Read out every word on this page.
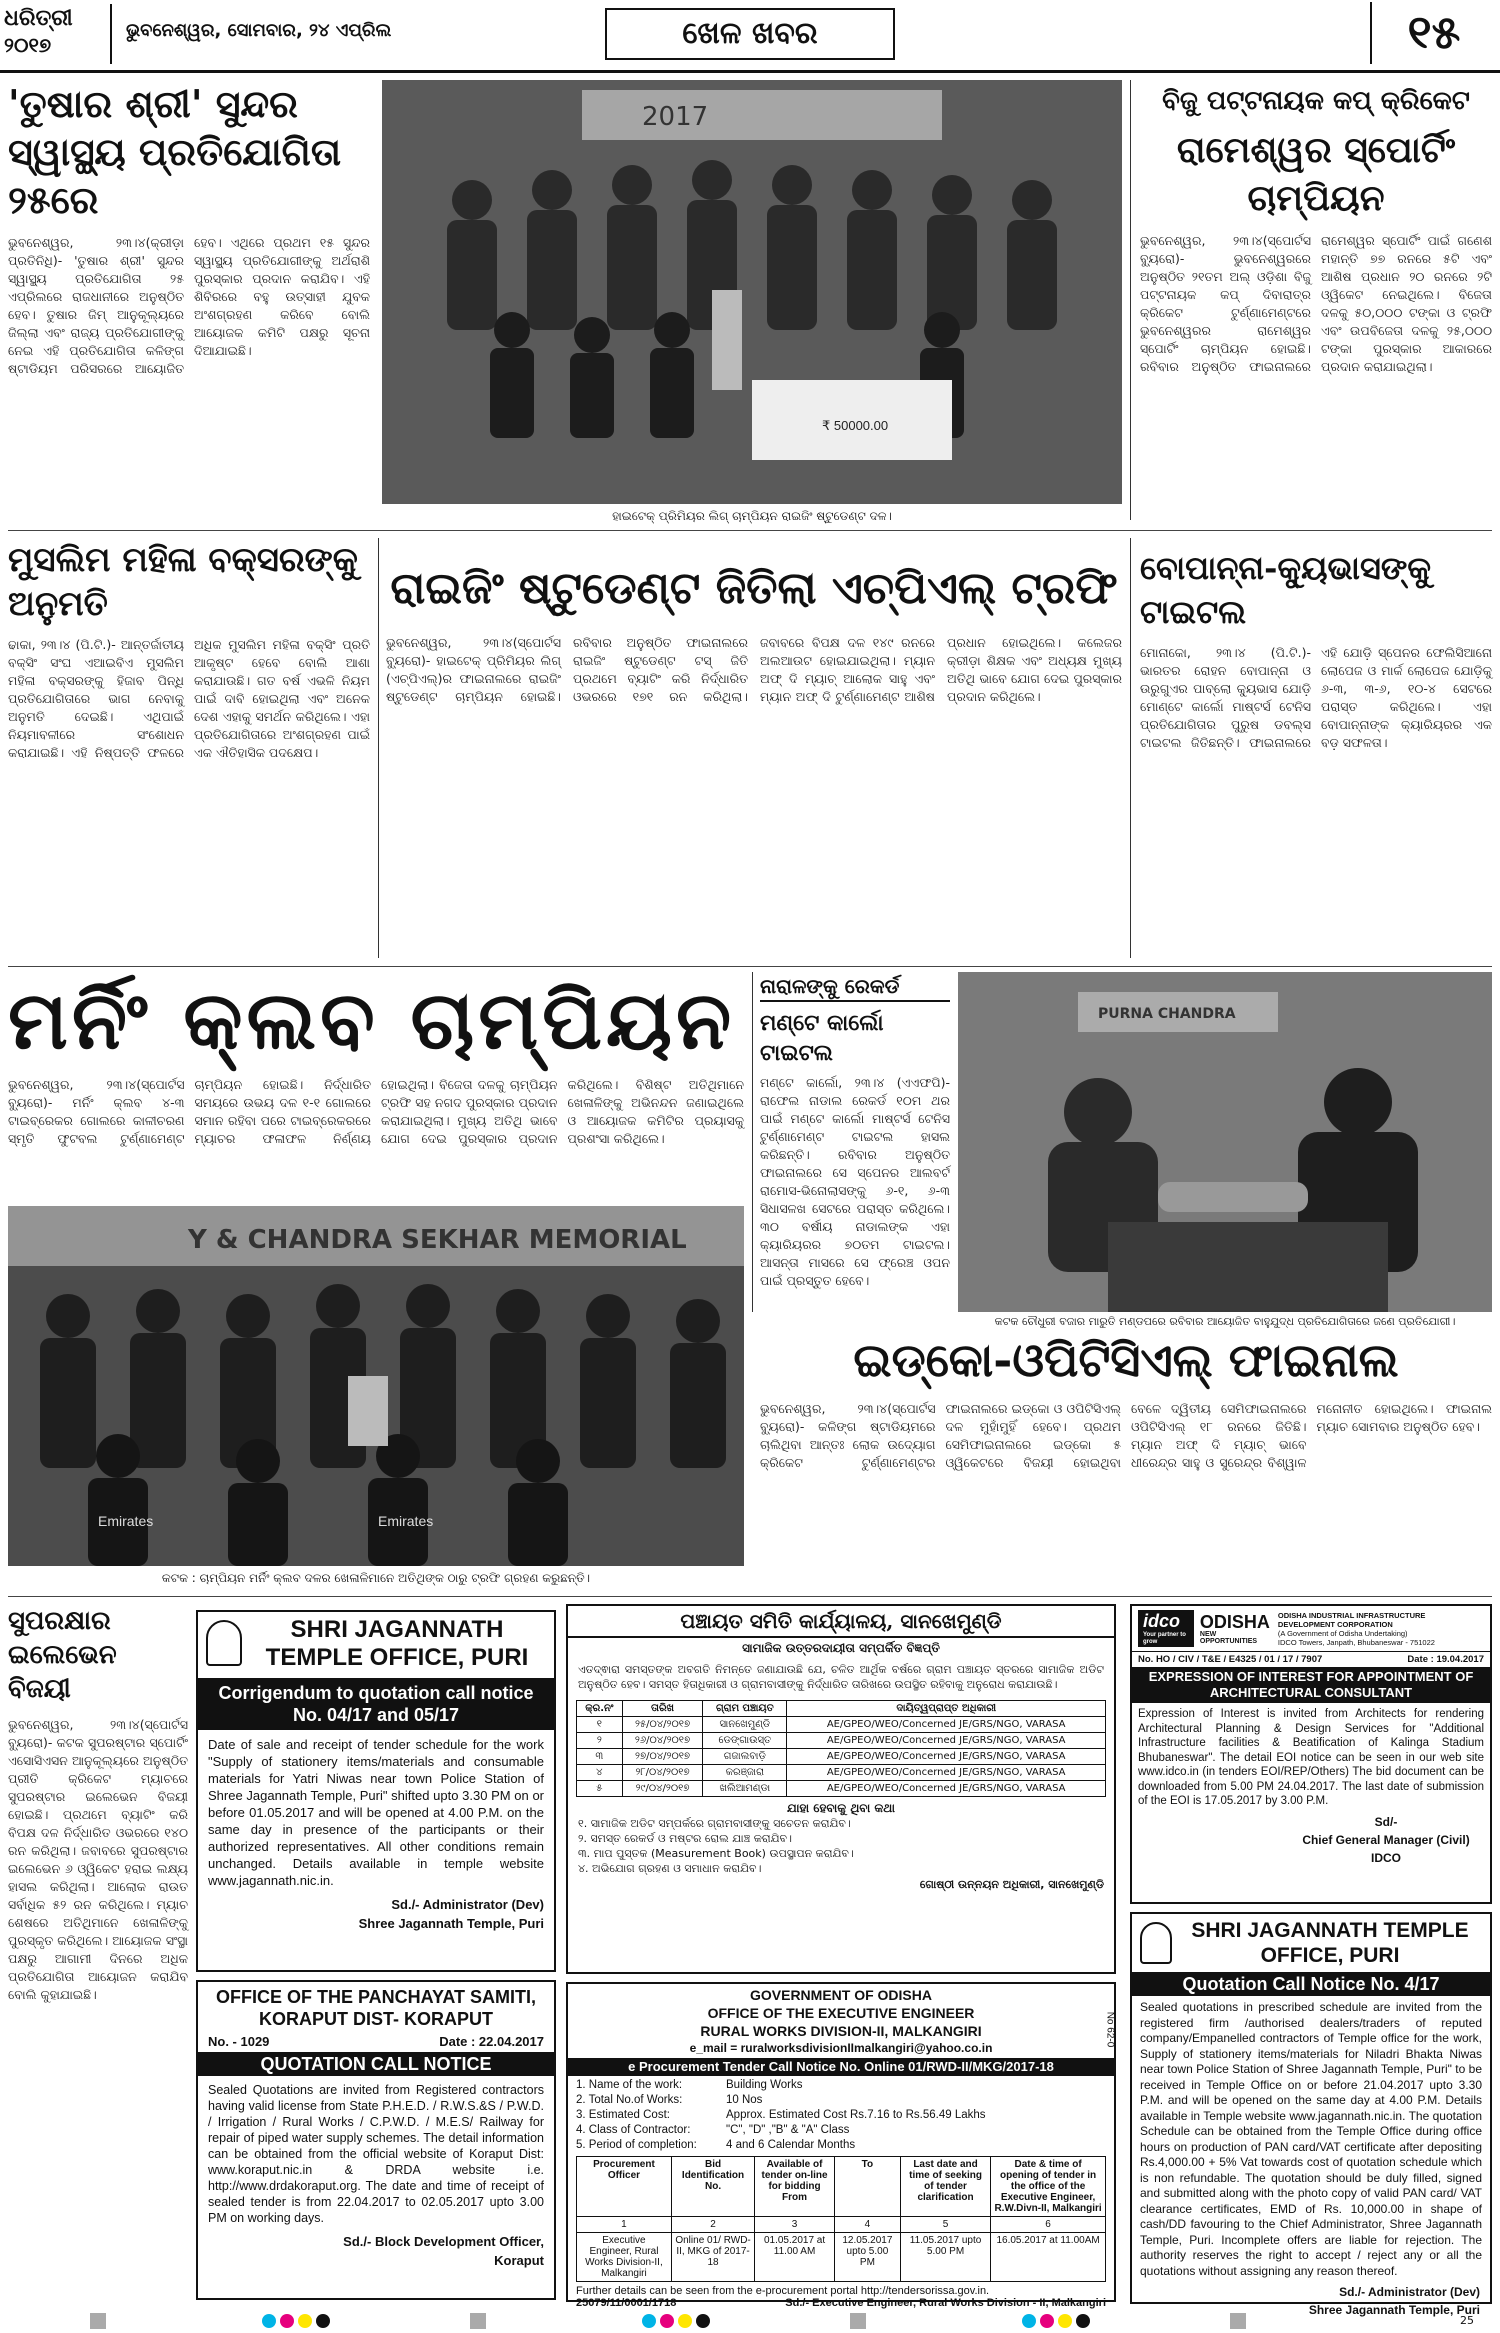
ଧରିତ୍ରୀ
୨୦୧୭
ଭୁବନେଶ୍ୱର, ସୋମବାର, ୨୪ ଏପ୍ରିଲ	ଖେଳ ଖବର	୧୫
'ତୁଷାର ଶ୍ରୀ' ସୁନ୍ଦର ସ୍ୱାସ୍ଥ୍ୟ ପ୍ରତିଯୋଗିତା ୨୫ରେ
ଭୁବନେଶ୍ୱର, ୨୩।୪(କ୍ରୀଡ଼ା ପ୍ରତିନିଧି)- 'ତୁଷାର ଶ୍ରୀ' ସୁନ୍ଦର ସ୍ୱାସ୍ଥ୍ୟ ପ୍ରତିଯୋଗିତା ୨୫ ଏପ୍ରିଲରେ ରାଜଧାନୀରେ ଅନୁଷ୍ଠିତ ହେବ। ତୁଷାର ଜିମ୍ ଆନୁକୂଲ୍ୟରେ ଜିଲ୍ଲା ଏବଂ ରାଜ୍ୟ ପ୍ରତିଯୋଗୀଙ୍କୁ ନେଇ ଏହି ପ୍ରତିଯୋଗିତା କଳିଙ୍ଗ ଷ୍ଟାଡିୟମ ପରିସରରେ ଆୟୋଜିତ ହେବ। ଏଥିରେ ପ୍ରଥମ ୧୫ ସୁନ୍ଦର ସ୍ୱାସ୍ଥ୍ୟ ପ୍ରତିଯୋଗୀଙ୍କୁ ଅର୍ଥରାଶି ପୁରସ୍କାର ପ୍ରଦାନ କରାଯିବ। ଏହି ଶିବିରରେ ବହୁ ଉତ୍ସାହୀ ଯୁବକ ଅଂଶଗ୍ରହଣ କରିବେ ବୋଲି ଆୟୋଜକ କମିଟି ପକ୍ଷରୁ ସୂଚନା ଦିଆଯାଇଛି।
2017
₹ 50000.00
ହାଇଟେକ୍ ପ୍ରିମିୟର ଲିଗ୍ ଚାମ୍ପିୟନ ରାଇଜିଂ ଷ୍ଟୁଡେଣ୍ଟ ଦଳ।
ବିଜୁ ପଟ୍ଟନାୟକ କପ୍ କ୍ରିକେଟ
ରାମେଶ୍ୱର ସ୍ପୋର୍ଟିଂ ଚାମ୍ପିୟନ
ଭୁବନେଶ୍ୱର, ୨୩।୪(ସ୍ପୋର୍ଟସ ବ୍ୟୁରୋ)- ଭୁବନେଶ୍ୱରରେ ଅନୁଷ୍ଠିତ ୨୧ତମ ଅଲ୍ ଓଡ଼ିଶା ବିଜୁ ପଟ୍ଟନାୟକ କପ୍ ଦିବାରାତ୍ର କ୍ରିକେଟ ଟୁର୍ଣ୍ଣାମେଣ୍ଟରେ ଭୁବନେଶ୍ୱରର ରାମେଶ୍ୱର ସ୍ପୋର୍ଟିଂ ଚାମ୍ପିୟନ ହୋଇଛି। ରବିବାର ଅନୁଷ୍ଠିତ ଫାଇନାଲରେ ରାମେଶ୍ୱର ସ୍ପୋର୍ଟିଂ ପାଇଁ ଗଣେଶ ମହାନ୍ତି ୭୭ ରନରେ ୫ଟି ଏବଂ ଆଶିଷ ପ୍ରଧାନ ୨୦ ରନରେ ୨ଟି ଓ୍ୱିକେଟ ନେଇଥିଲେ। ବିଜେତା ଦଳକୁ ୫୦,୦୦୦ ଟଙ୍କା ଓ ଟ୍ରଫି ଏବଂ ଉପବିଜେତା ଦଳକୁ ୨୫,୦୦୦ ଟଙ୍କା ପୁରସ୍କାର ଆକାରରେ ପ୍ରଦାନ କରାଯାଇଥିଲା।
ମୁସଲିମ ମହିଳା ବକ୍ସରଙ୍କୁ ଅନୁମତି
ଢାକା, ୨୩।୪ (ପି.ଟି.)- ଆନ୍ତର୍ଜାତୀୟ ବକ୍ସିଂ ସଂଘ ଏଆଇବିଏ ମୁସଲିମ ମହିଳା ବକ୍ସରଙ୍କୁ ହିଜାବ ପିନ୍ଧି ପ୍ରତିଯୋଗିତାରେ ଭାଗ ନେବାକୁ ଅନୁମତି ଦେଇଛି। ଏଥିପାଇଁ ନିୟମାବଳୀରେ ସଂଶୋଧନ କରାଯାଇଛି। ଏହି ନିଷ୍ପତ୍ତି ଫଳରେ ଅଧିକ ମୁସଲିମ ମହିଳା ବକ୍ସିଂ ପ୍ରତି ଆକୃଷ୍ଟ ହେବେ ବୋଲି ଆଶା କରାଯାଉଛି। ଗତ ବର୍ଷ ଏଭଳି ନିୟମ ପାଇଁ ଦାବି ହୋଇଥିଲା ଏବଂ ଅନେକ ଦେଶ ଏହାକୁ ସମର୍ଥନ କରିଥିଲେ। ଏହା ପ୍ରତିଯୋଗିତାରେ ଅଂଶଗ୍ରହଣ ପାଇଁ ଏକ ଐତିହାସିକ ପଦକ୍ଷେପ।
ରାଇଜିଂ ଷ୍ଟୁଡେଣ୍ଟ ଜିତିଲା ଏଚ୍‌ପିଏଲ୍ ଟ୍ରଫି
ଭୁବନେଶ୍ୱର, ୨୩।୪(ସ୍ପୋର୍ଟସ ବ୍ୟୁରୋ)- ହାଇଟେକ୍ ପ୍ରିମିୟର ଲିଗ୍ (ଏଚ୍‌ପିଏଲ୍)ର ଫାଇନାଲରେ ରାଇଜିଂ ଷ୍ଟୁଡେଣ୍ଟ ଚାମ୍ପିୟନ ହୋଇଛି। ରବିବାର ଅନୁଷ୍ଠିତ ଫାଇନାଲରେ ରାଇଜିଂ ଷ୍ଟୁଡେଣ୍ଟ ଟସ୍ ଜିତି ପ୍ରଥମେ ବ୍ୟାଟିଂ କରି ନିର୍ଦ୍ଧାରିତ ଓଭରରେ ୧୭୧ ରନ କରିଥିଲା। ଜବାବରେ ବିପକ୍ଷ ଦଳ ୧୪୯ ରନରେ ଅଲଆଉଟ ହୋଇଯାଇଥିଲା। ମ୍ୟାନ ଅଫ୍ ଦି ମ୍ୟାଚ୍ ଆଲୋକ ସାହୁ ଏବଂ ମ୍ୟାନ ଅଫ୍ ଦି ଟୁର୍ଣ୍ଣାମେଣ୍ଟ ଆଶିଷ ପ୍ରଧାନ ହୋଇଥିଲେ। କଲେଜର କ୍ରୀଡ଼ା ଶିକ୍ଷକ ଏବଂ ଅଧ୍ୟକ୍ଷ ମୁଖ୍ୟ ଅତିଥି ଭାବେ ଯୋଗ ଦେଇ ପୁରସ୍କାର ପ୍ରଦାନ କରିଥିଲେ।
ବୋପାନ୍ନା-କ୍ୟୁଭାସଙ୍କୁ ଟାଇଟଲ
ମୋନାକୋ, ୨୩।୪ (ପି.ଟି.)- ଭାରତର ରୋହନ ବୋପାନ୍ନା ଓ ଉରୁଗୁଏର ପାବ୍ଲୋ କ୍ୟୁଭାସ ଯୋଡ଼ି ମୋଣ୍ଟେ କାର୍ଲୋ ମାଷ୍ଟର୍ସ ଟେନିସ ପ୍ରତିଯୋଗିତାର ପୁରୁଷ ଡବଲ୍ସ ଟାଇଟଲ ଜିତିଛନ୍ତି। ଫାଇନାଲରେ ଏହି ଯୋଡ଼ି ସ୍ପେନର ଫେଲିସିଆନୋ ଲୋପେଜ ଓ ମାର୍କ ଲୋପେଜ ଯୋଡ଼ିକୁ ୬-୩, ୩-୬, ୧୦-୪ ସେଟରେ ପରାସ୍ତ କରିଥିଲେ। ଏହା ବୋପାନ୍ନାଙ୍କ କ୍ୟାରିୟରର ଏକ ବଡ଼ ସଫଳତା।
ମର୍ନିଂ କ୍ଲବ ଚାମ୍ପିୟନ
ଭୁବନେଶ୍ୱର, ୨୩।୪(ସ୍ପୋର୍ଟସ ବ୍ୟୁରୋ)- ମର୍ନିଂ କ୍ଲବ ୪-୩ ଟାଇବ୍ରେକର ଗୋଲରେ କାଳୀଚରଣ ସ୍ମୃତି ଫୁଟବଲ ଟୁର୍ଣ୍ଣାମେଣ୍ଟ ଚାମ୍ପିୟନ ହୋଇଛି। ନିର୍ଦ୍ଧାରିତ ସମୟରେ ଉଭୟ ଦଳ ୧-୧ ଗୋଲରେ ସମାନ ରହିବା ପରେ ଟାଇବ୍ରେକରରେ ମ୍ୟାଚର ଫଳାଫଳ ନିର୍ଣ୍ଣୟ ହୋଇଥିଲା। ବିଜେତା ଦଳକୁ ଚାମ୍ପିୟନ ଟ୍ରଫି ସହ ନଗଦ ପୁରସ୍କାର ପ୍ରଦାନ କରାଯାଇଥିଲା। ମୁଖ୍ୟ ଅତିଥି ଭାବେ ଯୋଗ ଦେଇ ପୁରସ୍କାର ପ୍ରଦାନ କରିଥିଲେ। ବିଶିଷ୍ଟ ଅତିଥିମାନେ ଖେଳାଳିଙ୍କୁ ଅଭିନନ୍ଦନ ଜଣାଇଥିଲେ ଓ ଆୟୋଜକ କମିଟିର ପ୍ରୟାସକୁ ପ୍ରଶଂସା କରିଥିଲେ।
Y & CHANDRA SEKHAR MEMORIAL
Emirates	Emirates
କଟକ : ଚାମ୍ପିୟନ ମର୍ନିଂ କ୍ଲବ ଦଳର ଖେଳାଳିମାନେ ଅତିଥିଙ୍କ ଠାରୁ ଟ୍ରଫି ଗ୍ରହଣ କରୁଛନ୍ତି।
ନାରାଳଙ୍କୁ ରେକର୍ଡ
ମଣ୍ଟେ କାର୍ଲୋ ଟାଇଟଲ
ମଣ୍ଟେ କାର୍ଲୋ, ୨୩।୪ (ଏଏଫପି)- ରାଫେଲ ନାଡାଲ ରେକର୍ଡ ୧୦ମ ଥର ପାଇଁ ମଣ୍ଟେ କାର୍ଲୋ ମାଷ୍ଟର୍ସ ଟେନିସ ଟୁର୍ଣ୍ଣାମେଣ୍ଟ ଟାଇଟଲ ହାସଲ କରିଛନ୍ତି। ରବିବାର ଅନୁଷ୍ଠିତ ଫାଇନାଲରେ ସେ ସ୍ପେନର ଆଲବର୍ଟ ରାମୋସ-ଭିନୋଲାସଙ୍କୁ ୬-୧, ୬-୩ ସିଧାସଳଖ ସେଟରେ ପରାସ୍ତ କରିଥିଲେ। ୩୦ ବର୍ଷୀୟ ନାଡାଲଙ୍କ ଏହା କ୍ୟାରିୟରର ୭୦ତମ ଟାଇଟଲ। ଆସନ୍ତା ମାସରେ ସେ ଫ୍ରେଞ୍ଚ ଓପନ ପାଇଁ ପ୍ରସ୍ତୁତ ହେବେ।
PURNA CHANDRA
କଟକ ଚୌଧୁରୀ ବଜାର ମାରୁତି ମଣ୍ଡପରେ ରବିବାର ଆୟୋଜିତ ବାହୁଯୁଦ୍ଧ ପ୍ରତିଯୋଗିତାରେ ଜଣେ ପ୍ରତିଯୋଗୀ।
ଇଡ୍‌କୋ-ଓପିଟିସିଏଲ୍ ଫାଇନାଲ
ଭୁବନେଶ୍ୱର, ୨୩।୪(ସ୍ପୋର୍ଟସ ବ୍ୟୁରୋ)- କଳିଙ୍ଗ ଷ୍ଟାଡିୟମରେ ଚାଲିଥିବା ଆନ୍ତଃ ଲୋକ ଉଦ୍ୟୋଗ କ୍ରିକେଟ ଟୁର୍ଣ୍ଣାମେଣ୍ଟର ଫାଇନାଲରେ ଇଡ୍‌କୋ ଓ ଓପିଟିସିଏଲ୍ ଦଳ ମୁହାଁମୁହିଁ ହେବେ। ପ୍ରଥମ ସେମିଫାଇନାଲରେ ଇଡ୍‌କୋ ୫ ଓ୍ୱିକେଟରେ ବିଜୟୀ ହୋଇଥିବା ବେଳେ ଦ୍ୱିତୀୟ ସେମିଫାଇନାଲରେ ଓପିଟିସିଏଲ୍ ୧୮ ରନରେ ଜିତିଛି। ମ୍ୟାନ ଅଫ୍ ଦି ମ୍ୟାଚ୍ ଭାବେ ଧୀରେନ୍ଦ୍ର ସାହୁ ଓ ସୁରେନ୍ଦ୍ର ବିଶ୍ୱାଳ ମନୋନୀତ ହୋଇଥିଲେ। ଫାଇନାଲ ମ୍ୟାଚ ସୋମବାର ଅନୁଷ୍ଠିତ ହେବ।
ସୁପରକ୍ଷାର ଇଲେଭେନ ବିଜୟୀ
ଭୁବନେଶ୍ୱର, ୨୩।୪(ସ୍ପୋର୍ଟସ ବ୍ୟୁରୋ)- କଟକ ସୁପରଷ୍ଟାର ସ୍ପୋର୍ଟିଂ ଏସୋସିଏସନ ଆନୁକୂଲ୍ୟରେ ଅନୁଷ୍ଠିତ ପ୍ରୀତି କ୍ରିକେଟ ମ୍ୟାଚରେ ସୁପରଷ୍ଟାର ଇଲେଭେନ ବିଜୟୀ ହୋଇଛି। ପ୍ରଥମେ ବ୍ୟାଟିଂ କରି ବିପକ୍ଷ ଦଳ ନିର୍ଦ୍ଧାରିତ ଓଭରରେ ୧୪୦ ରନ କରିଥିଲା। ଜବାବରେ ସୁପରଷ୍ଟାର ଇଲେଭେନ ୬ ଓ୍ୱିକେଟ ହରାଇ ଲକ୍ଷ୍ୟ ହାସଲ କରିଥିଲା। ଆଲୋକ ରାଉତ ସର୍ବାଧିକ ୫୨ ରନ କରିଥିଲେ। ମ୍ୟାଚ ଶେଷରେ ଅତିଥିମାନେ ଖେଳାଳିଙ୍କୁ ପୁରସ୍କୃତ କରିଥିଲେ। ଆୟୋଜକ ସଂସ୍ଥା ପକ୍ଷରୁ ଆଗାମୀ ଦିନରେ ଅଧିକ ପ୍ରତିଯୋଗିତା ଆୟୋଜନ କରାଯିବ ବୋଲି କୁହାଯାଇଛି।
SHRI JAGANNATH TEMPLE OFFICE, PURI
Corrigendum to quotation call notice No. 04/17 and 05/17
Date of sale and receipt of tender schedule for the work "Supply of stationery items/materials and consumable materials for Yatri Niwas near town Police Station of Shree Jagannath Temple, Puri" shifted upto 3.30 PM on or before 01.05.2017 and will be opened at 4.00 P.M. on the same day in presence of the participants or their authorized representatives. All other conditions remain unchanged. Details available in temple website www.jagannath.nic.in.
Sd./- Administrator (Dev)
Shree Jagannath Temple, Puri
OFFICE OF THE PANCHAYAT SAMITI, KORAPUT DIST- KORAPUT
No. - 1029	Date : 22.04.2017
QUOTATION CALL NOTICE
Sealed Quotations are invited from Registered contractors having valid license from State P.H.E.D. / R.W.S.&S / P.W.D. / Irrigation / Rural Works / C.P.W.D. / M.E.S/ Railway for repair of piped water supply schemes. The detail information can be obtained from the official website of Koraput Dist: www.koraput.nic.in & DRDA website i.e. http://www.drdakoraput.org. The date and time of receipt of sealed tender is from 22.04.2017 to 02.05.2017 upto 3.00 PM on working days.
Sd./- Block Development Officer,
Koraput
ପଞ୍ଚାୟତ ସମିତି କାର୍ଯ୍ୟାଳୟ, ସାନଖେମୁଣ୍ଡି
ସାମାଜିକ ଉତ୍ତରଦାୟୀତା ସମ୍ପର୍କିତ ବିଜ୍ଞପ୍ତି
ଏତଦ୍ଵାରା ସମସ୍ତଙ୍କ ଅବଗତି ନିମନ୍ତେ ଜଣାଯାଉଛି ଯେ, ଚଳିତ ଆର୍ଥିକ ବର୍ଷରେ ଗ୍ରାମ ପଞ୍ଚାୟତ ସ୍ତରରେ ସାମାଜିକ ଅଡିଟ ଅନୁଷ୍ଠିତ ହେବ। ସମସ୍ତ ହିତାଧିକାରୀ ଓ ଗ୍ରାମବାସୀଙ୍କୁ ନିର୍ଦ୍ଧାରିତ ତାରିଖରେ ଉପସ୍ଥିତ ରହିବାକୁ ଅନୁରୋଧ କରାଯାଉଛି।
କ୍ର.ନଂ	ତାରିଖ	ଗ୍ରାମ ପଞ୍ଚାୟତ	ଦାୟିତ୍ୱପ୍ରାପ୍ତ ଅଧିକାରୀ
୧	୨୫/୦୪/୨୦୧୭	ସାନଖେମୁଣ୍ଡି	AE/GPEO/WEO/Concerned JE/GRS/NGO, VARASA
୨	୨୬/୦୪/୨୦୧୭	ଡେଙ୍ଗାଉସ୍ତ	AE/GPEO/WEO/Concerned JE/GRS/NGO, VARASA
୩	୨୭/୦୪/୨୦୧୭	ଗଜାଲବାଡ଼ି	AE/GPEO/WEO/Concerned JE/GRS/NGO, VARASA
୪	୨୮/୦୪/୨୦୧୭	କରଞ୍ଜାରା	AE/GPEO/WEO/Concerned JE/GRS/NGO, VARASA
୫	୨୯/୦୪/୨୦୧୭	ଖଲିଆମଣ୍ଡା	AE/GPEO/WEO/Concerned JE/GRS/NGO, VARASA
ଯାହା ହେବାକୁ ଥିବା କଥା
୧. ସାମାଜିକ ଅଡିଟ ସମ୍ପର୍କରେ ଗ୍ରାମବାସୀଙ୍କୁ ସଚେତନ କରାଯିବ।
୨. ସମସ୍ତ ରେକର୍ଡ ଓ ମଷ୍ଟର ରୋଲ ଯାଞ୍ଚ କରାଯିବ।
୩. ମାପ ପୁସ୍ତକ (Measurement Book) ଉପସ୍ଥାପନ କରାଯିବ।
୪. ଅଭିଯୋଗ ଗ୍ରହଣ ଓ ସମାଧାନ କରାଯିବ।
ଗୋଷ୍ଠୀ ଉନ୍ନୟନ ଅଧିକାରୀ, ସାନଖେମୁଣ୍ଡି
GOVERNMENT OF ODISHA
OFFICE OF THE EXECUTIVE ENGINEER
RURAL WORKS DIVISION-II, MALKANGIRI
e_mail = ruralworksdivisionIImalkangiri@yahoo.co.in
e Procurement Tender Call Notice No. Online 01/RWD-II/MKG/2017-18
1. Name of the work:	Building Works
2. Total No.of Works:	10 Nos
3. Estimated Cost:	Approx. Estimated Cost Rs.7.16 to Rs.56.49 Lakhs
4. Class of Contractor:	"C", "D" ,"B" & "A" Class
5. Period of completion:	4 and 6 Calendar Months
Procurement Officer	Bid Identification No.	Available of tender on-line for bidding From	To	Last date and time of seeking of tender clarification	Date & time of opening of tender in the office of the Executive Engineer, R.W.Divn-II, Malkangiri
1	2	3	4	5	6
Executive Engineer, Rural Works Division-II, Malkangiri	Online 01/ RWD-II, MKG of 2017-18	01.05.2017 at 11.00 AM	12.05.2017 upto 5.00 PM	11.05.2017 upto 5.00 PM	16.05.2017 at 11.00AM
Further details can be seen from the e-procurement portal http://tendersorissa.gov.in.
25079/11/0001/1718	Sd./- Executive Engineer, Rural Works Division - II, Malkangiri
No 62-0
idco
Your partner to grow
ODISHA
NEW OPPORTUNITIES
ODISHA INDUSTRIAL INFRASTRUCTURE DEVELOPMENT CORPORATION
(A Government of Odisha Undertaking)
IDCO Towers, Janpath, Bhubaneswar - 751022
No. HO / CIV / T&E / E4325 / 01 / 17 / 7907	Date : 19.04.2017
EXPRESSION OF INTEREST FOR APPOINTMENT OF ARCHITECTURAL CONSULTANT
Expression of Interest is invited from Architects for rendering Architectural Planning & Design Services for "Additional Infrastructure facilities & Beatification of Kalinga Stadium Bhubaneswar". The detail EOI notice can be seen in our web site www.idco.in (in tenders EOI/REP/Others) The bid document can be downloaded from 5.00 PM 24.04.2017. The last date of submission of the EOI is 17.05.2017 by 3.00 P.M.
Sd/-
Chief General Manager (Civil)
IDCO
SHRI JAGANNATH TEMPLE OFFICE, PURI
Quotation Call Notice No. 4/17
Sealed quotations in prescribed schedule are invited from the registered firm /authorised dealers/traders of reputed company/Empanelled contractors of Temple office for the work, Supply of stationery items/materials for Niladri Bhakta Niwas near town Police Station of Shree Jagannath Temple, Puri" to be received in Temple Office on or before 21.04.2017 upto 3.30 P.M. and will be opened on the same day at 4.00 P.M. Details available in Temple website www.jagannath.nic.in. The quotation Schedule can be obtained from the Temple Office during office hours on production of PAN card/VAT certificate after depositing Rs.4,000.00 + 5% Vat towards cost of quotation schedule which is non refundable. The quotation should be duly filled, signed and submitted along with the photo copy of valid PAN card/ VAT clearance certificates, EMD of Rs. 10,000.00 in shape of cash/DD favouring to the Chief Administrator, Shree Jagannath Temple, Puri. Incomplete offers are liable for rejection. The authority reserves the right to accept / reject any or all the quotations without assigning any reason thereof.
Sd./- Administrator (Dev)
Shree Jagannath Temple, Puri
25
